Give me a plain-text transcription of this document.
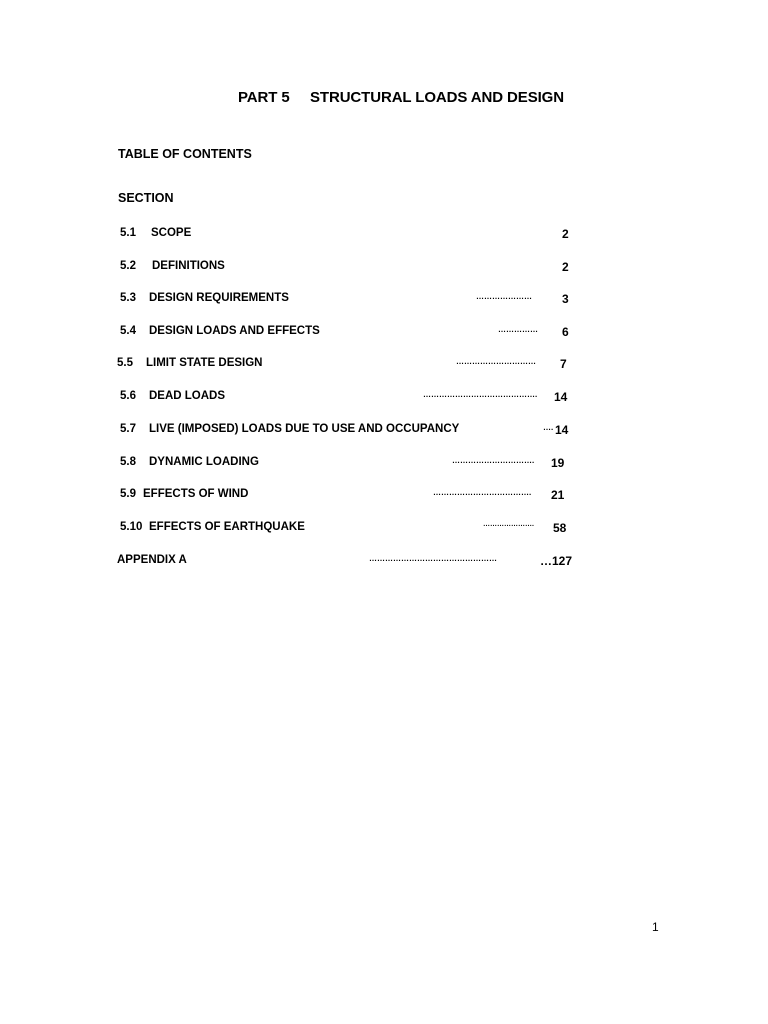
PART 5 STRUCTURAL LOADS AND DESIGN
TABLE OF CONTENTS
SECTION
5.1 SCOPE	2
5.2 DEFINITIONS	2
5.3 DESIGN REQUIREMENTS	…………………	3
5.4 DESIGN LOADS AND EFFECTS	…………… 6
5.5 LIMIT STATE DESIGN	………………………… 7
5.6 DEAD LOADS	……………………………………. 14
5.7 LIVE (IMPOSED) LOADS DUE TO USE AND OCCUPANCY	…. 14
5.8 DYNAMIC LOADING	…………………………. 19
5.9 EFFECTS OF WIND	………………………………. 21
5.10 EFFECTS OF EARTHQUAKE	…………………. 58
APPENDIX A	…………………………………………	…127
1
